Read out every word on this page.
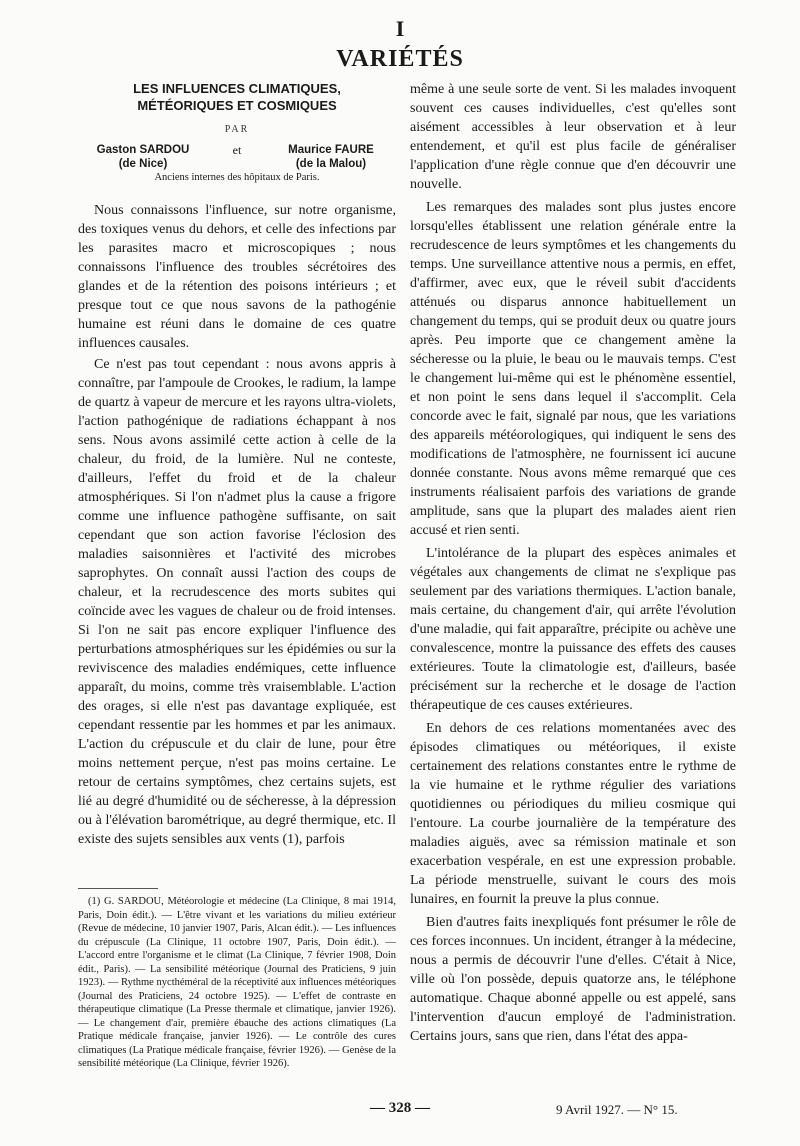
I
VARIÉTÉS
LES INFLUENCES CLIMATIQUES,
MÉTÉORIQUES ET COSMIQUES
PAR
Gaston SARDOU
(de Nice)
et	Maurice FAURE
(de la Malou)
Anciens internes des hôpitaux de Paris.

Nous connaissons l'influence, sur notre organisme, des toxiques venus du dehors, et celle des infections par les parasites macro et microscopiques ; nous connaissons l'influence des troubles sécrétoires des glandes et de la rétention des poisons intérieurs ; et presque tout ce que nous savons de la pathogénie humaine est réuni dans le domaine de ces quatre influences causales.

Ce n'est pas tout cependant : nous avons appris à connaître, par l'ampoule de Crookes, le radium, la lampe de quartz à vapeur de mercure et les rayons ultra-violets, l'action pathogénique de radiations échappant à nos sens. Nous avons assimilé cette action à celle de la chaleur, du froid, de la lumière. Nul ne conteste, d'ailleurs, l'effet du froid et de la chaleur atmosphériques. Si l'on n'admet plus la cause a frigore comme une influence pathogène suffisante, on sait cependant que son action favorise l'éclosion des maladies saisonnières et l'activité des microbes saprophytes. On connaît aussi l'action des coups de chaleur, et la recrudescence des morts subites qui coïncide avec les vagues de chaleur ou de froid intenses. Si l'on ne sait pas encore expliquer l'influence des perturbations atmosphériques sur les épidémies ou sur la reviviscence des maladies endémiques, cette influence apparaît, du moins, comme très vraisemblable. L'action des orages, si elle n'est pas davantage expliquée, est cependant ressentie par les hommes et par les animaux. L'action du crépuscule et du clair de lune, pour être moins nettement perçue, n'est pas moins certaine. Le retour de certains symptômes, chez certains sujets, est lié au degré d'humidité ou de sécheresse, à la dépression ou à l'élévation barométrique, au degré thermique, etc. Il existe des sujets sensibles aux vents (1), parfois

même à une seule sorte de vent. Si les malades invoquent souvent ces causes individuelles, c'est qu'elles sont aisément accessibles à leur observation et à leur entendement, et qu'il est plus facile de généraliser l'application d'une règle connue que d'en découvrir une nouvelle.

Les remarques des malades sont plus justes encore lorsqu'elles établissent une relation générale entre la recrudescence de leurs symptômes et les changements du temps. Une surveillance attentive nous a permis, en effet, d'affirmer, avec eux, que le réveil subit d'accidents atténués ou disparus annonce habituellement un changement du temps, qui se produit deux ou quatre jours après. Peu importe que ce changement amène la sécheresse ou la pluie, le beau ou le mauvais temps. C'est le changement lui-même qui est le phénomène essentiel, et non point le sens dans lequel il s'accomplit. Cela concorde avec le fait, signalé par nous, que les variations des appareils météorologiques, qui indiquent le sens des modifications de l'atmosphère, ne fournissent ici aucune donnée constante. Nous avons même remarqué que ces instruments réalisaient parfois des variations de grande amplitude, sans que la plupart des malades aient rien accusé et rien senti.

L'intolérance de la plupart des espèces animales et végétales aux changements de climat ne s'explique pas seulement par des variations thermiques. L'action banale, mais certaine, du changement d'air, qui arrête l'évolution d'une maladie, qui fait apparaître, précipite ou achève une convalescence, montre la puissance des effets des causes extérieures. Toute la climatologie est, d'ailleurs, basée précisément sur la recherche et le dosage de l'action thérapeutique de ces causes extérieures.

En dehors de ces relations momentanées avec des épisodes climatiques ou météoriques, il existe certainement des relations constantes entre le rythme de la vie humaine et le rythme régulier des variations quotidiennes ou périodiques du milieu cosmique qui l'entoure. La courbe journalière de la température des maladies aiguës, avec sa rémission matinale et son exacerbation vespérale, en est une expression probable. La période menstruelle, suivant le cours des mois lunaires, en fournit la preuve la plus connue.

Bien d'autres faits inexpliqués font présumer le rôle de ces forces inconnues. Un incident, étranger à la médecine, nous a permis de découvrir l'une d'elles. C'était à Nice, ville où l'on possède, depuis quatorze ans, le téléphone automatique. Chaque abonné appelle ou est appelé, sans l'intervention d'aucun employé de l'administration. Certains jours, sans que rien, dans l'état des appa-

(1) G. SARDOU, Météorologie et médecine (La Clinique, 8 mai 1914, Paris, Doin édit.). — L'être vivant et les variations du milieu extérieur (Revue de médecine, 10 janvier 1907, Paris, Alcan édit.). — Les influences du crépuscule (La Clinique, 11 octobre 1907, Paris, Doin édit.). — L'accord entre l'organisme et le climat (La Clinique, 7 février 1908, Doin édit., Paris). — La sensibilité météorique (Journal des Praticiens, 9 juin 1923). — Rythme nycthéméral de la réceptivité aux influences météoriques (Journal des Praticiens, 24 octobre 1925). — L'effet de contraste en thérapeutique climatique (La Presse thermale et climatique, janvier 1926). — Le changement d'air, première ébauche des actions climatiques (La Pratique médicale française, janvier 1926). — Le contrôle des cures climatiques (La Pratique médicale française, février 1926). — Genèse de la sensibilité météorique (La Clinique, février 1926).

— 328 —	9 Avril 1927. — N° 15.
